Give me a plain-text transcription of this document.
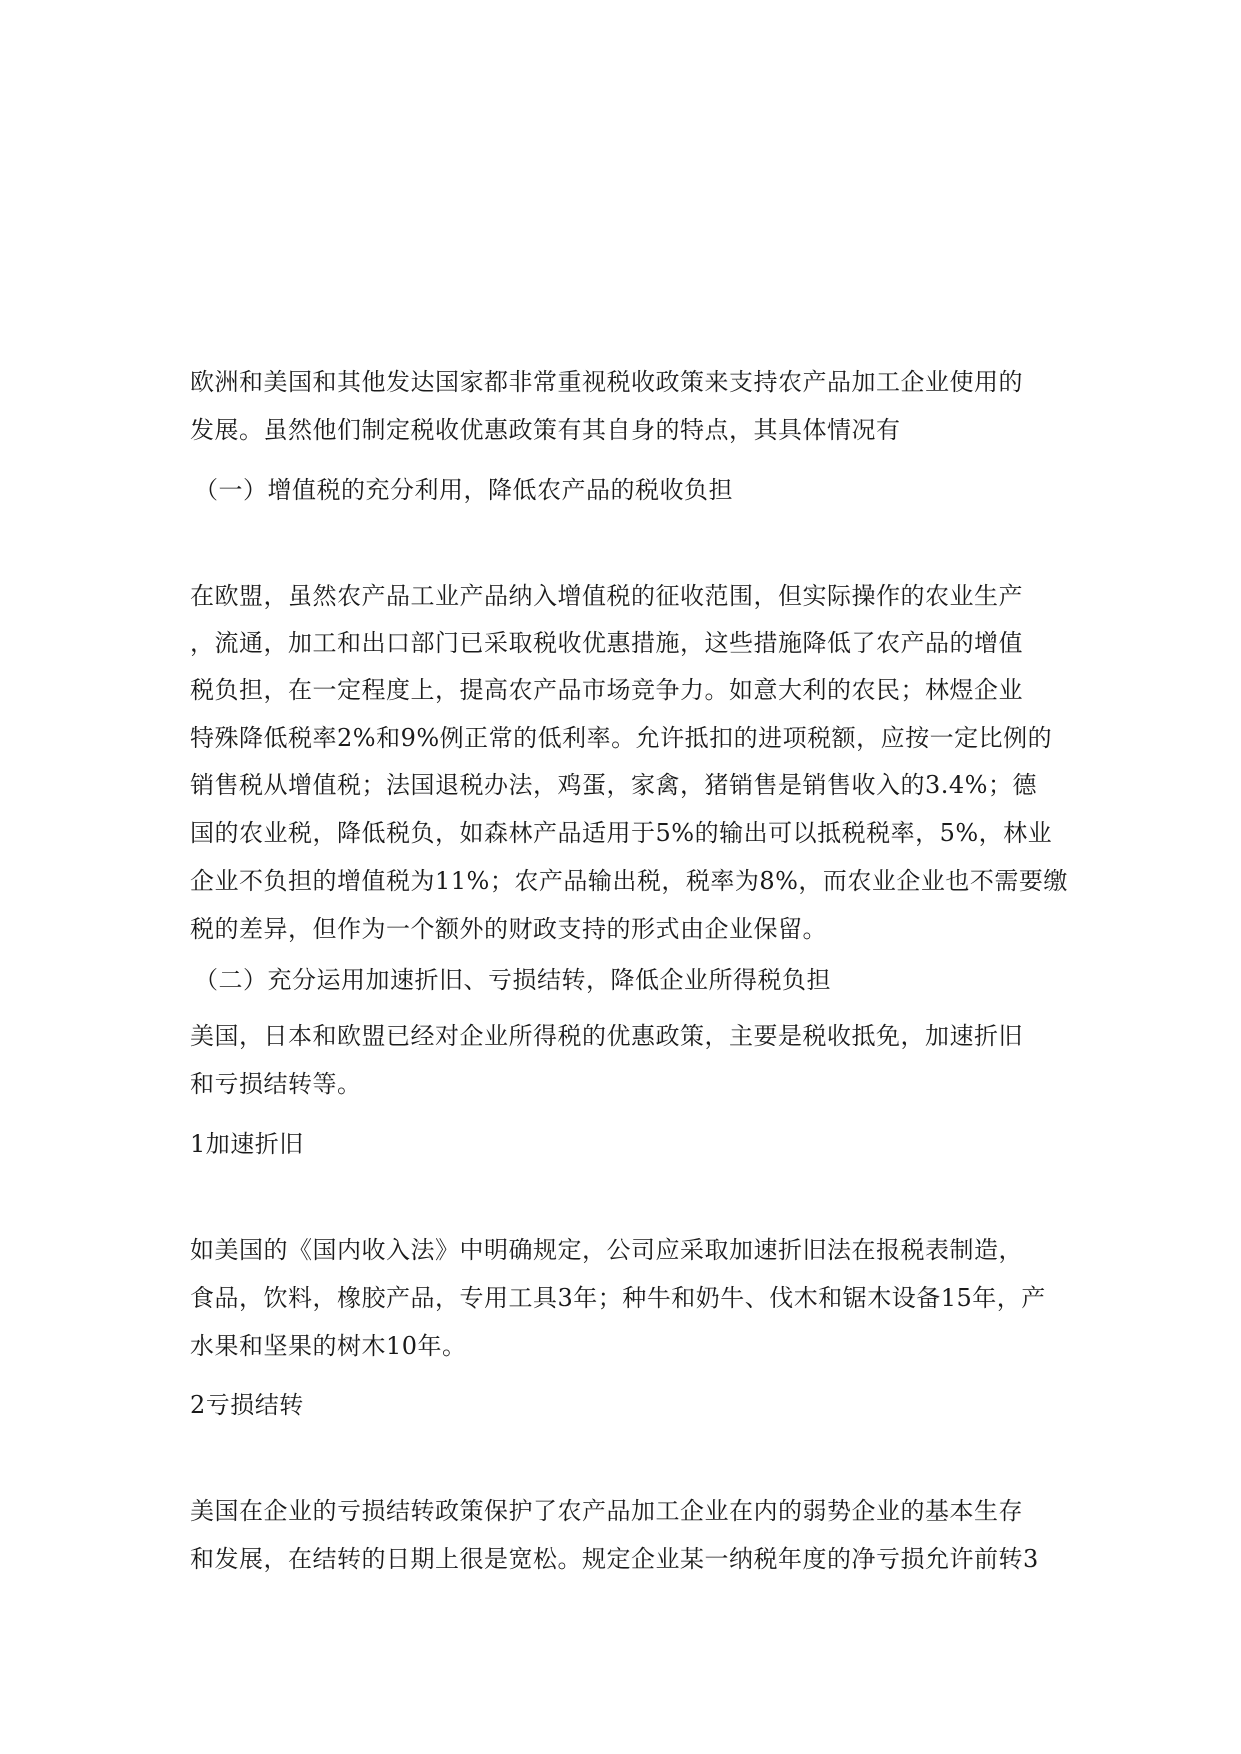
欧洲和美国和其他发达国家都非常重视税收政策来支持农产品加工企业使用的
发展。虽然他们制定税收优惠政策有其自身的特点，其具体情况有
（一）增值税的充分利用，降低农产品的税收负担
在欧盟，虽然农产品工业产品纳入增值税的征收范围，但实际操作的农业生产
，流通，加工和出口部门已采取税收优惠措施，这些措施降低了农产品的增值
税负担，在一定程度上，提高农产品市场竞争力。如意大利的农民；林煜企业
特殊降低税率2%和9%例正常的低利率。允许抵扣的进项税额，应按一定比例的
销售税从增值税；法国退税办法，鸡蛋，家禽，猪销售是销售收入的3.4%；德
国的农业税，降低税负，如森林产品适用于5%的输出可以抵税税率，5%，林业
企业不负担的增值税为11%；农产品输出税，税率为8%，而农业企业也不需要缴
税的差异，但作为一个额外的财政支持的形式由企业保留。
（二）充分运用加速折旧、亏损结转，降低企业所得税负担
美国，日本和欧盟已经对企业所得税的优惠政策，主要是税收抵免，加速折旧
和亏损结转等。
1加速折旧
如美国的《国内收入法》中明确规定，公司应采取加速折旧法在报税表制造，
食品，饮料，橡胶产品，专用工具3年；种牛和奶牛、伐木和锯木设备15年，产
水果和坚果的树木10年。
2亏损结转
美国在企业的亏损结转政策保护了农产品加工企业在内的弱势企业的基本生存
和发展，在结转的日期上很是宽松。规定企业某一纳税年度的净亏损允许前转3
